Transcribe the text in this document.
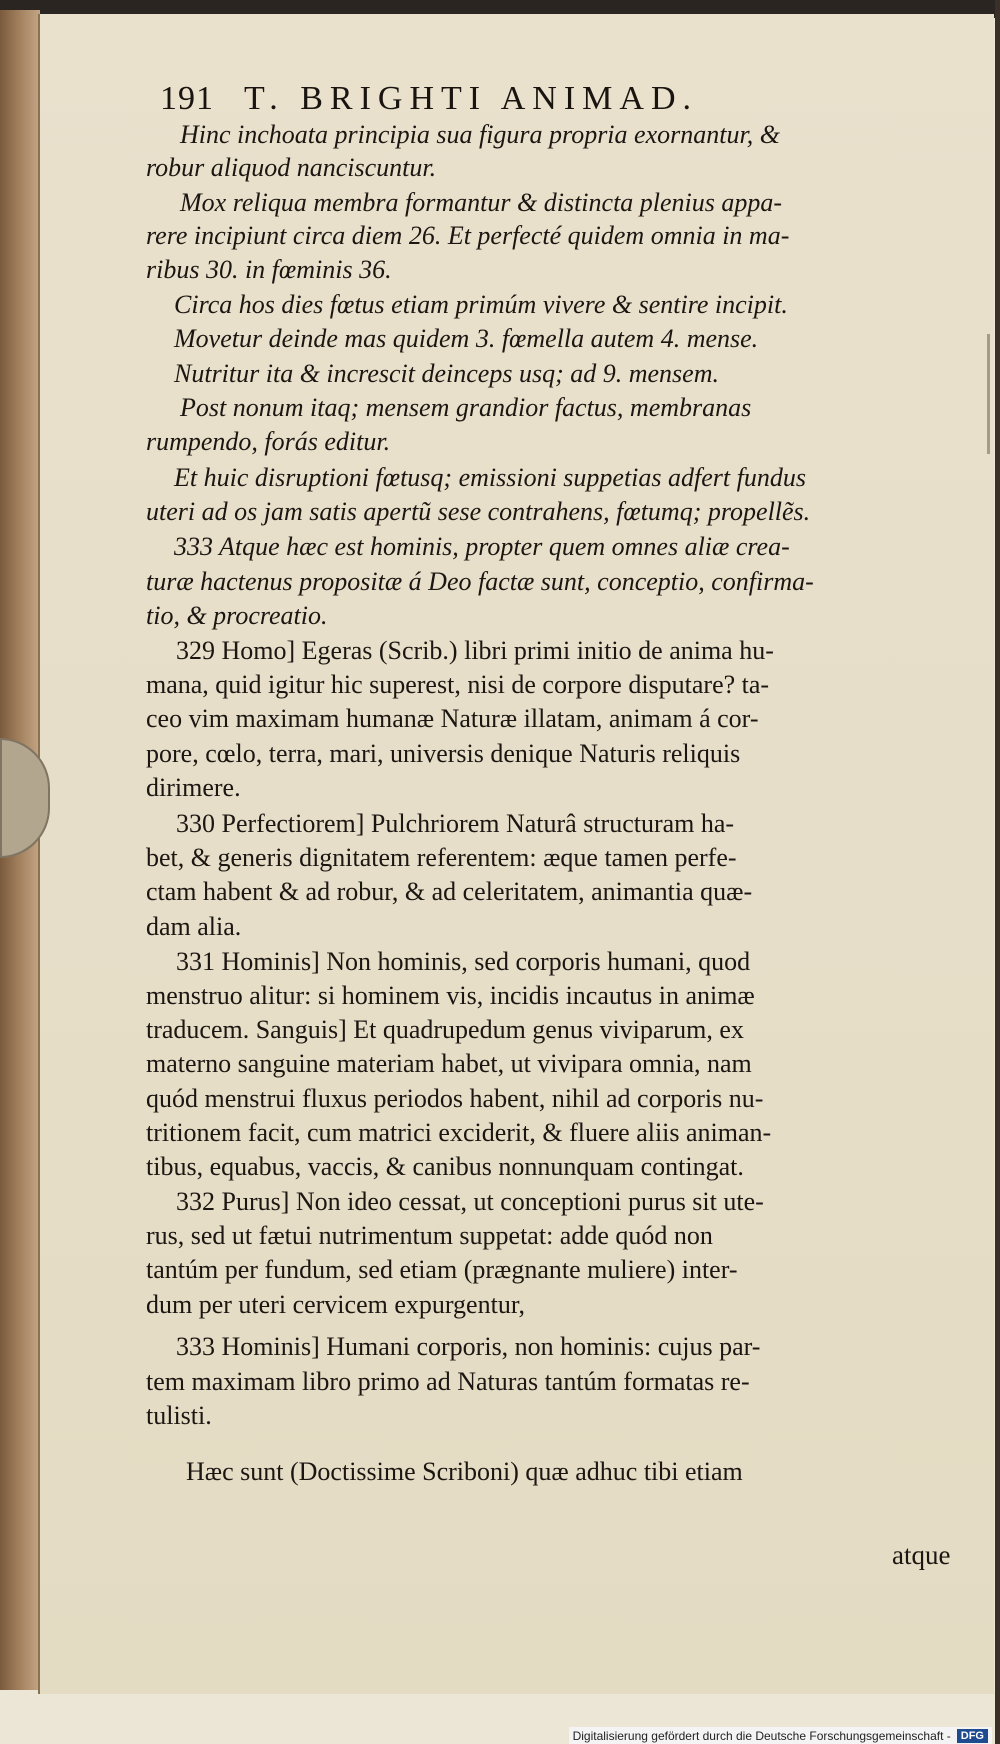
191 T. BRIGHTI ANIMAD.
Hinc inchoata principia sua figura propria exornantur, &
robur aliquod nanciscuntur.
Mox reliqua membra formantur & distincta plenius appa-
rere incipiunt circa diem 26. Et perfecté quidem omnia in ma-
ribus 30. in fœminis 36.
Circa hos dies fœtus etiam primúm vivere & sentire incipit.
Movetur deinde mas quidem 3. fœmella autem 4. mense.
Nutritur ita & increscit deinceps usq; ad 9. mensem.
Post nonum itaq; mensem grandior factus, membranas
rumpendo, forás editur.
Et huic disruptioni fœtusq; emissioni suppetias adfert fundus
uteri ad os jam satis apertũ sese contrahens, fœtumq; propellẽs.
333 Atque hæc est hominis, propter quem omnes aliæ crea-
turæ hactenus propositæ á Deo factæ sunt, conceptio, confirma-
tio, & procreatio.
329 Homo] Egeras (Scrib.) libri primi initio de anima hu-
mana, quid igitur hic superest, nisi de corpore disputare? ta-
ceo vim maximam humanæ Naturæ illatam, animam á cor-
pore, cœlo, terra, mari, universis denique Naturis reliquis
dirimere.
330 Perfectiorem] Pulchriorem Naturâ structuram ha-
bet, & generis dignitatem referentem: æque tamen perfe-
ctam habent & ad robur, & ad celeritatem, animantia quæ-
dam alia.
331 Hominis] Non hominis, sed corporis humani, quod
menstruo alitur: si hominem vis, incidis incautus in animæ
traducem. Sanguis] Et quadrupedum genus viviparum, ex
materno sanguine materiam habet, ut vivipara omnia, nam
quód menstrui fluxus periodos habent, nihil ad corporis nu-
tritionem facit, cum matrici exciderit, & fluere aliis animan-
tibus, equabus, vaccis, & canibus nonnunquam contingat.
332 Purus] Non ideo cessat, ut conceptioni purus sit ute-
rus, sed ut fætui nutrimentum suppetat: adde quód non
tantúm per fundum, sed etiam (prægnante muliere) inter-
dum per uteri cervicem expurgentur,
333 Hominis] Humani corporis, non hominis: cujus par-
tem maximam libro primo ad Naturas tantúm formatas re-
tulisti.
Hæc sunt (Doctissime Scriboni) quæ adhuc tibi etiam
atque
Digitalisierung gefördert durch die Deutsche Forschungsgemeinschaft - DFG
